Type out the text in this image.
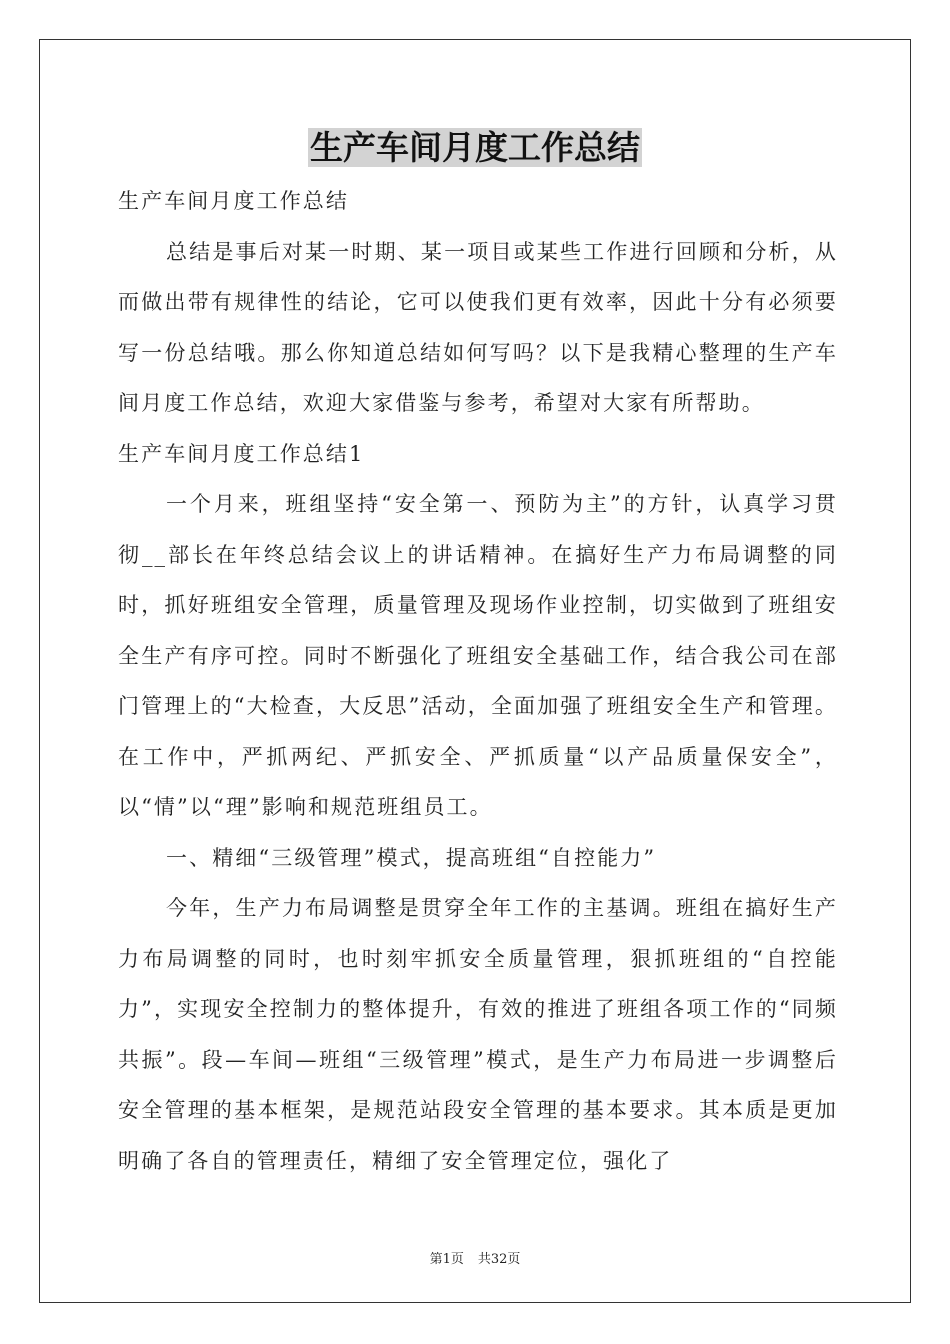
生产车间月度工作总结

生产车间月度工作总结

总结是事后对某一时期、某一项目或某些工作进行回顾和分析，从而做出带有规律性的结论，它可以使我们更有效率，因此十分有必须要写一份总结哦。那么你知道总结如何写吗？以下是我精心整理的生产车间月度工作总结，欢迎大家借鉴与参考，希望对大家有所帮助。

生产车间月度工作总结1

一个月来，班组坚持“安全第一、预防为主”的方针，认真学习贯彻__部长在年终总结会议上的讲话精神。在搞好生产力布局调整的同时，抓好班组安全管理，质量管理及现场作业控制，切实做到了班组安全生产有序可控。同时不断强化了班组安全基础工作，结合我公司在部门管理上的“大检查，大反思”活动，全面加强了班组安全生产和管理。在工作中，严抓两纪、严抓安全、严抓质量“以产品质量保安全”，以“情”以“理”影响和规范班组员工。

一、精细“三级管理”模式，提高班组“自控能力”

今年，生产力布局调整是贯穿全年工作的主基调。班组在搞好生产力布局调整的同时，也时刻牢抓安全质量管理，狠抓班组的“自控能力”，实现安全控制力的整体提升，有效的推进了班组各项工作的“同频共振”。段—车间—班组“三级管理”模式，是生产力布局进一步调整后安全管理的基本框架，是规范站段安全管理的基本要求。其本质是更加明确了各自的管理责任，精细了安全管理定位，强化了

第1页 共32页
